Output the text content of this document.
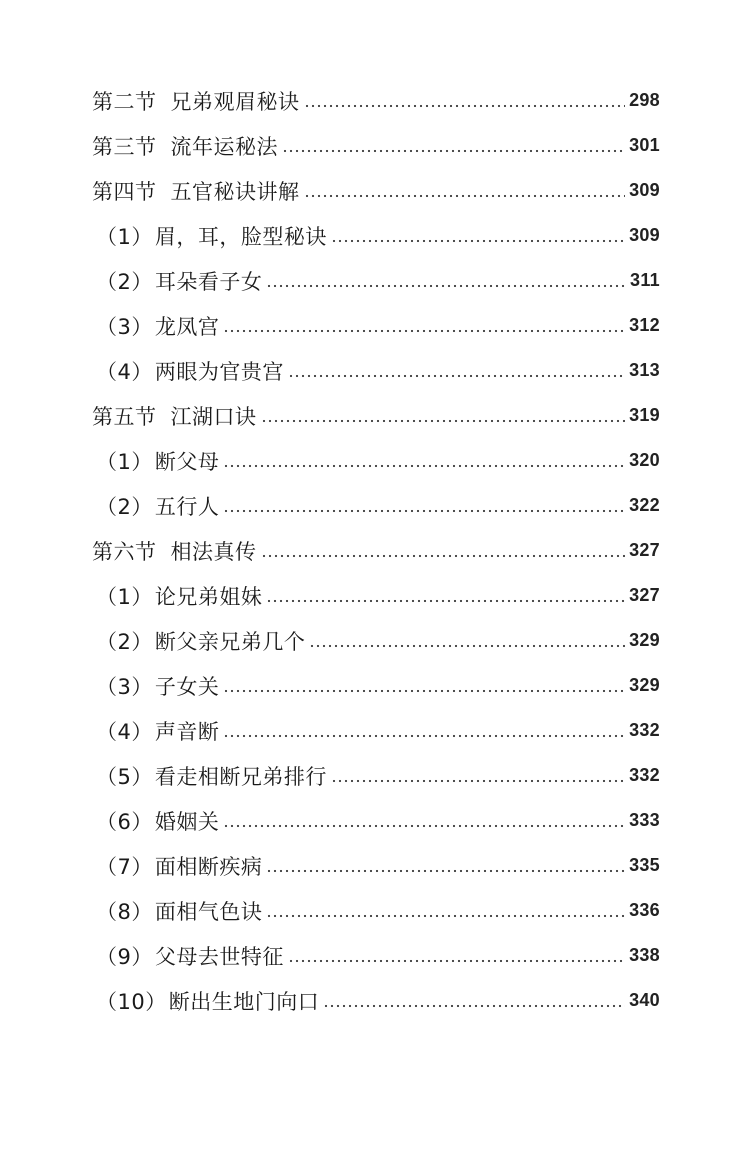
第二节 兄弟观眉秘诀	298
第三节 流年运秘法	301
第四节 五官秘诀讲解	309
（1）眉，耳，脸型秘诀	309
（2）耳朵看子女	311
（3）龙凤宫	312
（4）两眼为官贵宫	313
第五节 江湖口诀	319
（1）断父母	320
（2）五行人	322
第六节 相法真传	327
（1）论兄弟姐妹	327
（2）断父亲兄弟几个	329
（3）子女关	329
（4）声音断	332
（5）看走相断兄弟排行	332
（6）婚姻关	333
（7）面相断疾病	335
（8）面相气色诀	336
（9）父母去世特征	338
（10）断出生地门向口	340
